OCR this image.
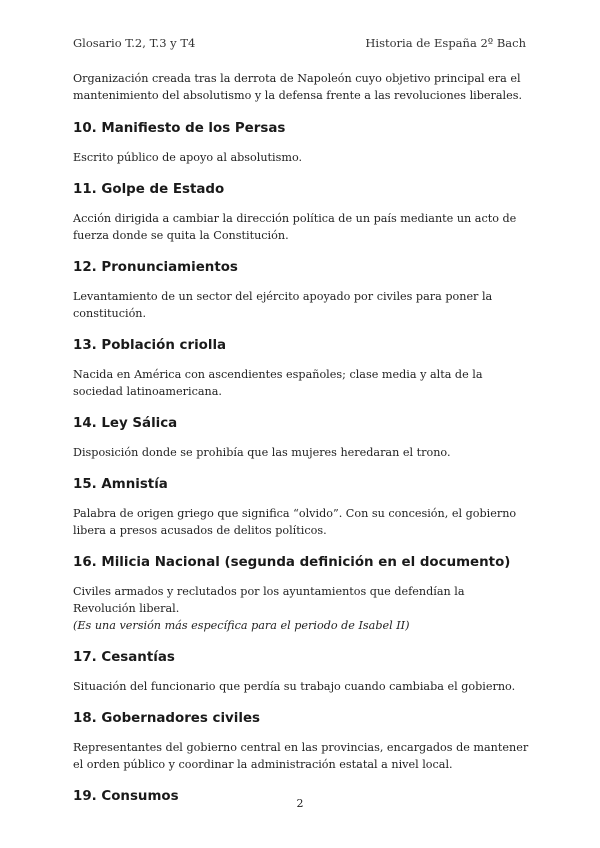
Glosario T.2, T.3 y T4	Historia de España 2º Bach

Organización creada tras la derrota de Napoleón cuyo objetivo principal era el mantenimiento del absolutismo y la defensa frente a las revoluciones liberales.

10. Manifiesto de los Persas

Escrito público de apoyo al absolutismo.

11. Golpe de Estado

Acción dirigida a cambiar la dirección política de un país mediante un acto de fuerza donde se quita la Constitución.

12. Pronunciamientos

Levantamiento de un sector del ejército apoyado por civiles para poner la constitución.

13. Población criolla

Nacida en América con ascendientes españoles; clase media y alta de la sociedad latinoamericana.

14. Ley Sálica

Disposición donde se prohibía que las mujeres heredaran el trono.

15. Amnistía

Palabra de origen griego que significa “olvido”. Con su concesión, el gobierno libera a presos acusados de delitos políticos.

16. Milicia Nacional (segunda definición en el documento)

Civiles armados y reclutados por los ayuntamientos que defendían la Revolución liberal.

(Es una versión más específica para el periodo de Isabel II)

17. Cesantías

Situación del funcionario que perdía su trabajo cuando cambiaba el gobierno.

18. Gobernadores civiles

Representantes del gobierno central en las provincias, encargados de mantener el orden público y coordinar la administración estatal a nivel local.

19. Consumos	2
